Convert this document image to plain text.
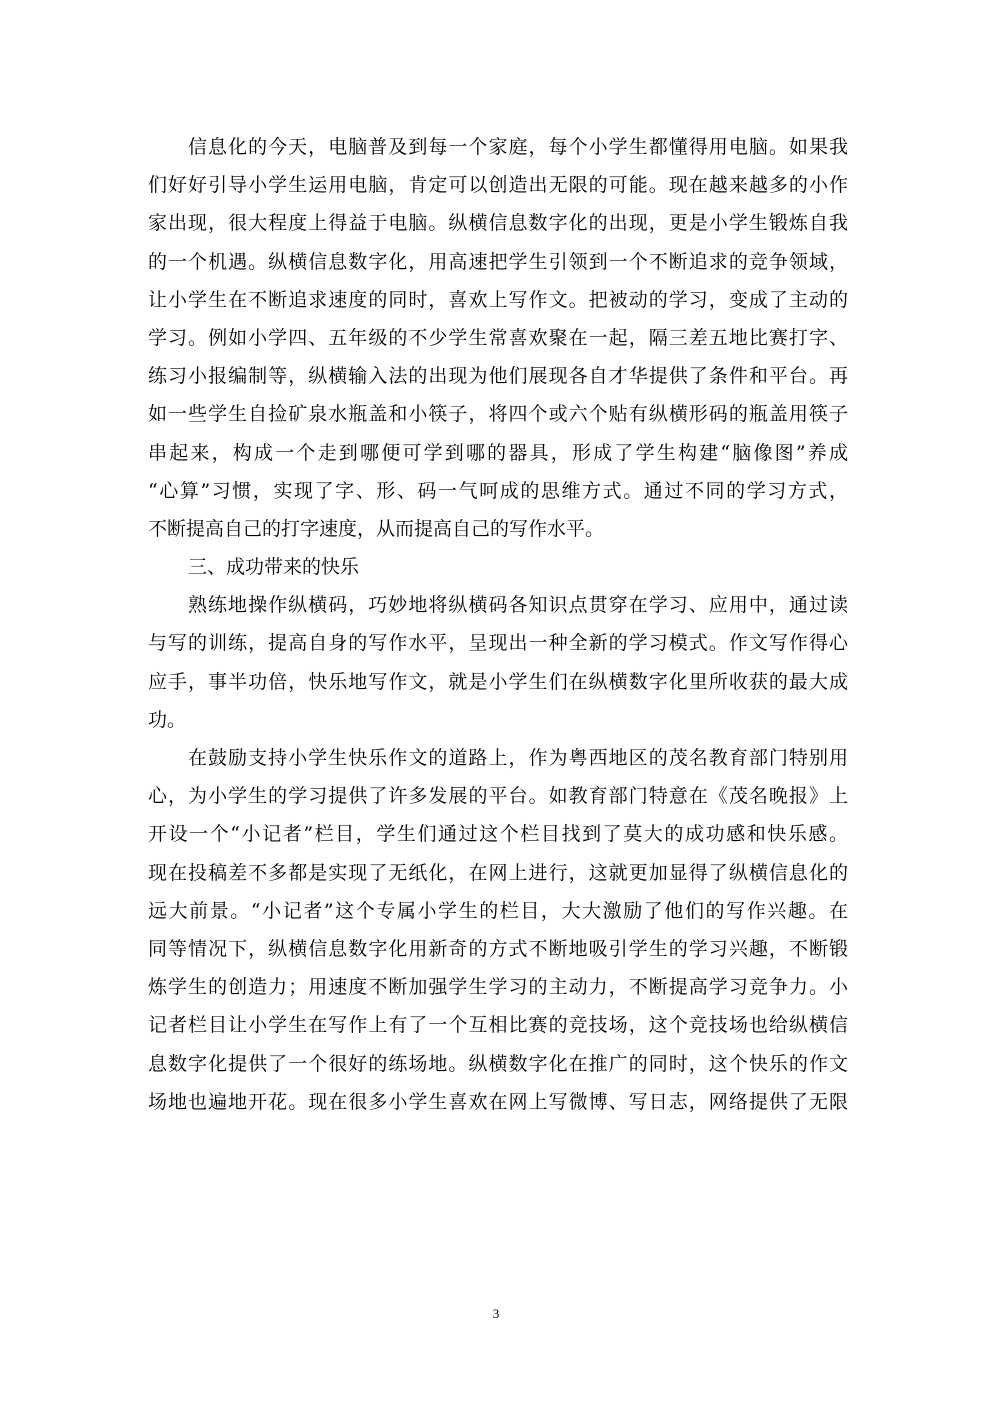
信息化的今天，电脑普及到每一个家庭，每个小学生都懂得用电脑。如果我
们好好引导小学生运用电脑，肯定可以创造出无限的可能。现在越来越多的小作
家出现，很大程度上得益于电脑。纵横信息数字化的出现，更是小学生锻炼自我
的一个机遇。纵横信息数字化，用高速把学生引领到一个不断追求的竞争领域，
让小学生在不断追求速度的同时，喜欢上写作文。把被动的学习，变成了主动的
学习。例如小学四、五年级的不少学生常喜欢聚在一起，隔三差五地比赛打字、
练习小报编制等，纵横输入法的出现为他们展现各自才华提供了条件和平台。再
如一些学生自捡矿泉水瓶盖和小筷子，将四个或六个贴有纵横形码的瓶盖用筷子
串起来，构成一个走到哪便可学到哪的器具，形成了学生构建“脑像图”养成
“心算”习惯，实现了字、形、码一气呵成的思维方式。通过不同的学习方式，
不断提高自己的打字速度，从而提高自己的写作水平。
三、成功带来的快乐
熟练地操作纵横码，巧妙地将纵横码各知识点贯穿在学习、应用中，通过读
与写的训练，提高自身的写作水平，呈现出一种全新的学习模式。作文写作得心
应手，事半功倍，快乐地写作文，就是小学生们在纵横数字化里所收获的最大成
功。
在鼓励支持小学生快乐作文的道路上，作为粤西地区的茂名教育部门特别用
心，为小学生的学习提供了许多发展的平台。如教育部门特意在《茂名晚报》上
开设一个“小记者”栏目，学生们通过这个栏目找到了莫大的成功感和快乐感。
现在投稿差不多都是实现了无纸化，在网上进行，这就更加显得了纵横信息化的
远大前景。“小记者”这个专属小学生的栏目，大大激励了他们的写作兴趣。在
同等情况下，纵横信息数字化用新奇的方式不断地吸引学生的学习兴趣，不断锻
炼学生的创造力；用速度不断加强学生学习的主动力，不断提高学习竞争力。小
记者栏目让小学生在写作上有了一个互相比赛的竞技场，这个竞技场也给纵横信
息数字化提供了一个很好的练场地。纵横数字化在推广的同时，这个快乐的作文
场地也遍地开花。现在很多小学生喜欢在网上写微博、写日志，网络提供了无限
3
